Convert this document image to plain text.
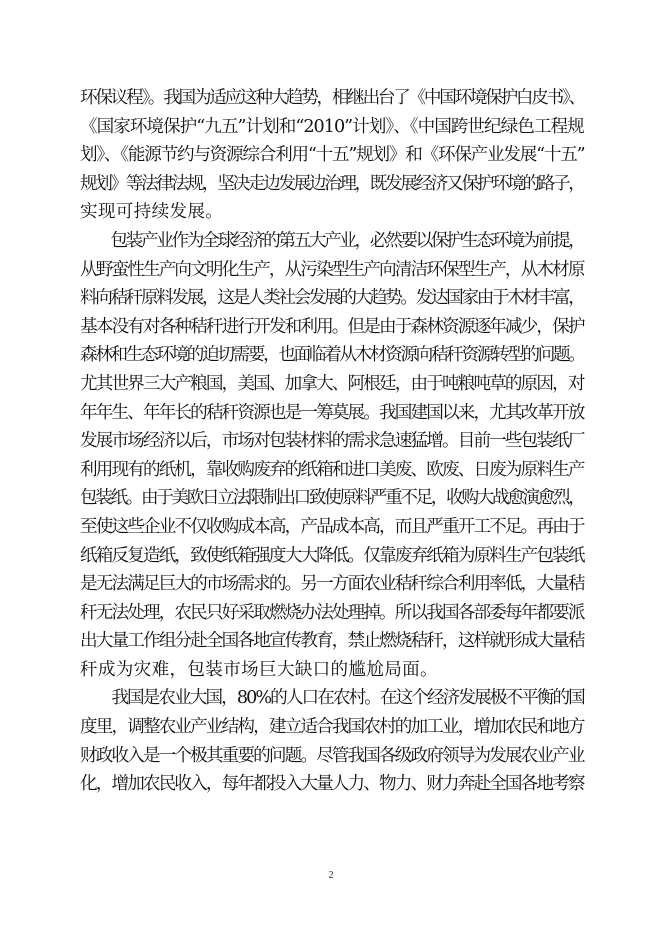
环保议程》。我国为适应这种大趋势，相继出台了《中国环境保护白皮书》、
《国家环境保护“九五”计划和“2010”计划》、《中国跨世纪绿色工程规
划》、《能源节约与资源综合利用“十五”规划》和《环保产业发展“十五”
规划》等法律法规，坚决走边发展边治理，既发展经济又保护环境的路子，
实现可持续发展。
　　包装产业作为全球经济的第五大产业，必然要以保护生态环境为前提，
从野蛮性生产向文明化生产，从污染型生产向清洁环保型生产，从木材原
料向秸秆原料发展，这是人类社会发展的大趋势。发达国家由于木材丰富，
基本没有对各种秸秆进行开发和利用。但是由于森林资源逐年减少，保护
森林和生态环境的迫切需要，也面临着从木材资源向秸秆资源转型的问题。
尤其世界三大产粮国，美国、加拿大、阿根廷，由于吨粮吨草的原因，对
年年生、年年长的秸秆资源也是一筹莫展。我国建国以来，尤其改革开放
发展市场经济以后，市场对包装材料的需求急速猛增。目前一些包装纸厂
利用现有的纸机，靠收购废弃的纸箱和进口美废、欧废、日废为原料生产
包装纸。由于美欧日立法限制出口致使原料严重不足，收购大战愈演愈烈，
至使这些企业不仅收购成本高，产品成本高，而且严重开工不足。再由于
纸箱反复造纸，致使纸箱强度大大降低。仅靠废弃纸箱为原料生产包装纸
是无法满足巨大的市场需求的。另一方面农业秸秆综合利用率低，大量秸
秆无法处理，农民只好采取燃烧办法处理掉。所以我国各部委每年都要派
出大量工作组分赴全国各地宣传教育，禁止燃烧秸秆，这样就形成大量秸
秆成为灾难，包装市场巨大缺口的尴尬局面。
　　我国是农业大国，80%的人口在农村。在这个经济发展极不平衡的国
度里，调整农业产业结构，建立适合我国农村的加工业，增加农民和地方
财政收入是一个极其重要的问题。尽管我国各级政府领导为发展农业产业
化，增加农民收入，每年都投入大量人力、物力、财力奔赴全国各地考察
2
